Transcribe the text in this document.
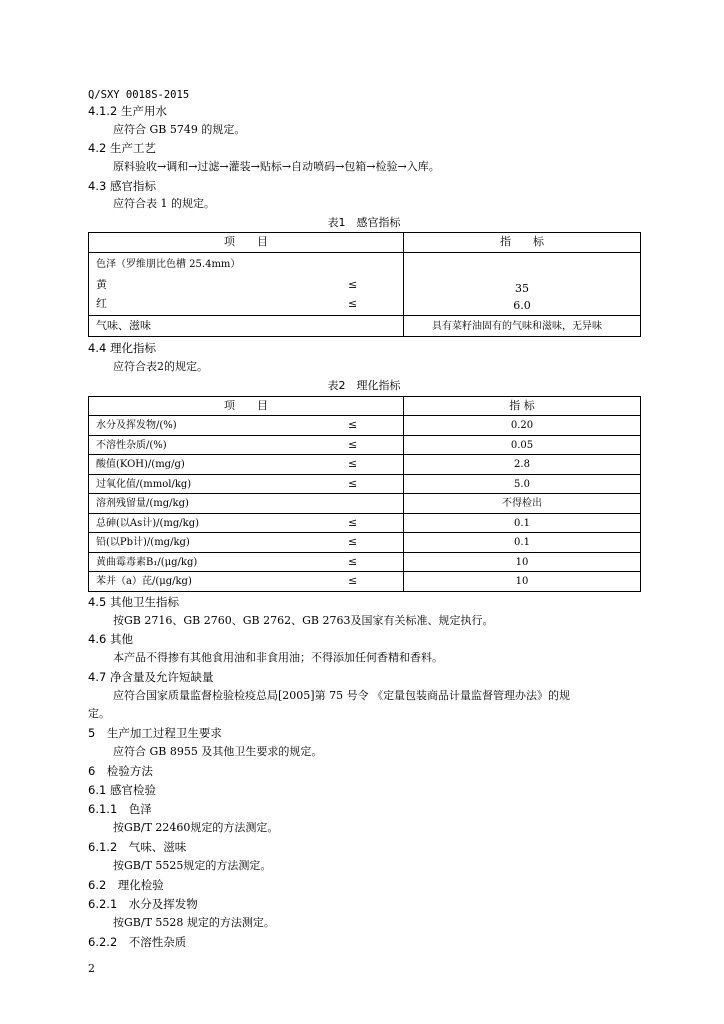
Q/SXY 0018S-2015
4.1.2 生产用水
应符合 GB 5749 的规定。
4.2 生产工艺
原料验收→调和→过滤→灌装→贴标→自动喷码→包箱→检验→入库。
4.3 感官指标
应符合表 1 的规定。
表1　感官指标
项　　目	指　　标
色泽（罗维朋比色槽 25.4mm）
黄	≤	35
红	≤	6.0
气味、滋味	具有菜籽油固有的气味和滋味，无异味
4.4 理化指标
应符合表2的规定。
表2　理化指标
项　　目	指 标
水分及挥发物/(%)	≤	0.20
不溶性杂质/(%)	≤	0.05
酸值(KOH)/(mg/g)	≤	2.8
过氧化值/(mmol/kg)	≤	5.0
溶剂残留量/(mg/kg)	不得检出
总砷(以As计)/(mg/kg)	≤	0.1
铅(以Pb计)/(mg/kg)	≤	0.1
黄曲霉毒素B₁/(μg/kg)	≤	10
苯并（a）芘/(μg/kg)	≤	10
4.5 其他卫生指标
按GB 2716、GB 2760、GB 2762、GB 2763及国家有关标准、规定执行。
4.6 其他
本产品不得掺有其他食用油和非食用油；不得添加任何香精和香料。
4.7 净含量及允许短缺量
应符合国家质量监督检验检疫总局[2005]第 75 号令 《定量包装商品计量监督管理办法》的规
定。
5　生产加工过程卫生要求
应符合 GB 8955 及其他卫生要求的规定。
6　检验方法
6.1 感官检验
6.1.1　色泽
按GB/T 22460规定的方法测定。
6.1.2　气味、滋味
按GB/T 5525规定的方法测定。
6.2　理化检验
6.2.1　水分及挥发物
按GB/T 5528 规定的方法测定。
6.2.2　不溶性杂质
2
